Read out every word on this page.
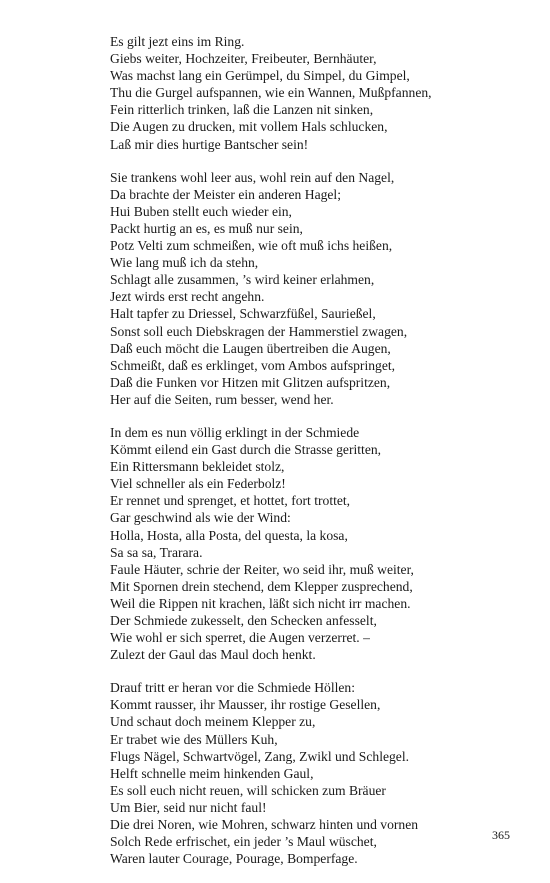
Es gilt jezt eins im Ring.
Giebs weiter, Hochzeiter, Freibeuter, Bernhäuter,
Was machst lang ein Gerümpel, du Simpel, du Gimpel,
Thu die Gurgel aufspannen, wie ein Wannen, Mußpfannen,
Fein ritterlich trinken, laß die Lanzen nit sinken,
Die Augen zu drucken, mit vollem Hals schlucken,
Laß mir dies hurtige Bantscher sein!
Sie trankens wohl leer aus, wohl rein auf den Nagel,
Da brachte der Meister ein anderen Hagel;
Hui Buben stellt euch wieder ein,
Packt hurtig an es, es muß nur sein,
Potz Velti zum schmeißen, wie oft muß ichs heißen,
Wie lang muß ich da stehn,
Schlagt alle zusammen, ’s wird keiner erlahmen,
Jezt wirds erst recht angehn.
Halt tapfer zu Driessel, Schwarzfüßel, Saurießel,
Sonst soll euch Diebskragen der Hammerstiel zwagen,
Daß euch möcht die Laugen übertreiben die Augen,
Schmeißt, daß es erklinget, vom Ambos aufspringet,
Daß die Funken vor Hitzen mit Glitzen aufspritzen,
Her auf die Seiten, rum besser, wend her.
In dem es nun völlig erklingt in der Schmiede
Kömmt eilend ein Gast durch die Strasse geritten,
Ein Rittersmann bekleidet stolz,
Viel schneller als ein Federbolz!
Er rennet und sprenget, et hottet, fort trottet,
Gar geschwind als wie der Wind:
Holla, Hosta, alla Posta, del questa, la kosa,
Sa sa sa, Trarara.
Faule Häuter, schrie der Reiter, wo seid ihr, muß weiter,
Mit Spornen drein stechend, dem Klepper zusprechend,
Weil die Rippen nit krachen, läßt sich nicht irr machen.
Der Schmiede zukesselt, den Schecken anfesselt,
Wie wohl er sich sperret, die Augen verzerret. –
Zulezt der Gaul das Maul doch henkt.
Drauf tritt er heran vor die Schmiede Höllen:
Kommt rausser, ihr Mausser, ihr rostige Gesellen,
Und schaut doch meinem Klepper zu,
Er trabet wie des Müllers Kuh,
Flugs Nägel, Schwartvögel, Zang, Zwikl und Schlegel.
Helft schnelle meim hinkenden Gaul,
Es soll euch nicht reuen, will schicken zum Bräuer
Um Bier, seid nur nicht faul!
Die drei Noren, wie Mohren, schwarz hinten und vornen
Solch Rede erfrischet, ein jeder ’s Maul wüschet,
Waren lauter Courage, Pourage, Bomperfage.
365
